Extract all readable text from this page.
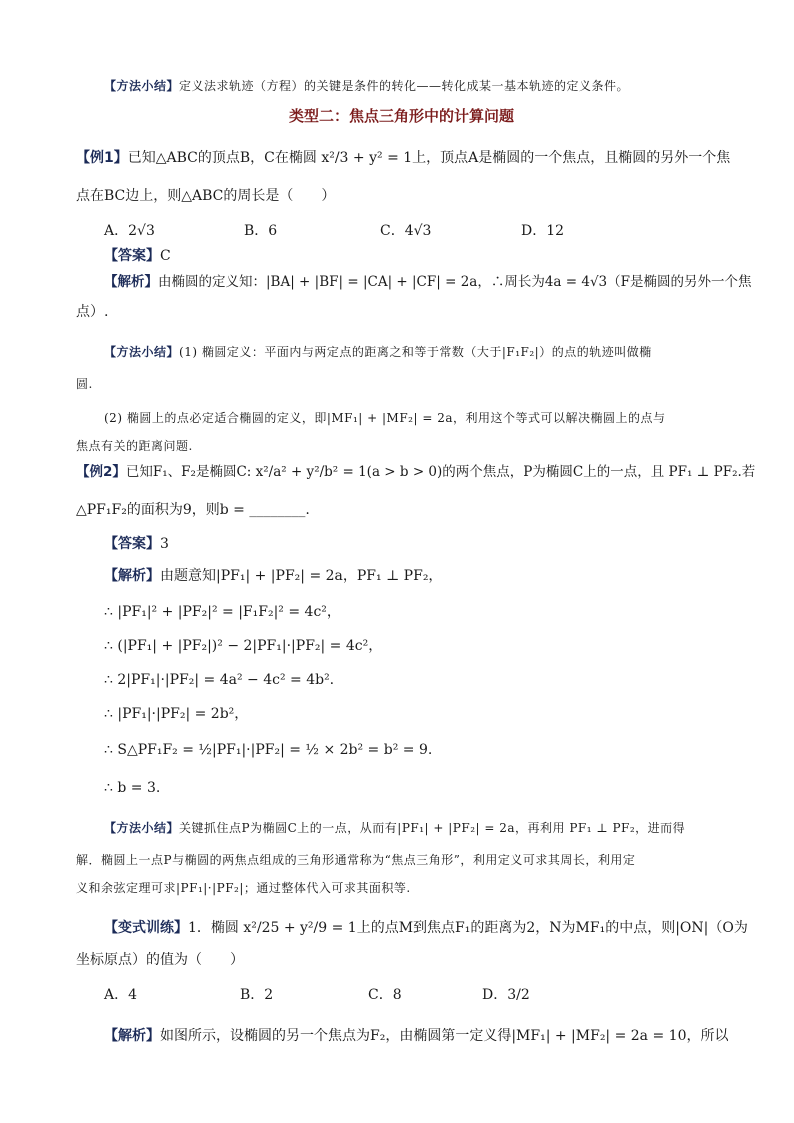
【方法小结】定义法求轨迹（方程）的关键是条件的转化——转化成某一基本轨迹的定义条件。
类型二：焦点三角形中的计算问题
【例1】已知△ABC的顶点B，C在椭圆 x²/3 + y² = 1上，顶点A是椭圆的一个焦点，且椭圆的另外一个焦
点在BC边上，则△ABC的周长是（　　）
A．2√3	B．6	C．4√3	D．12
【答案】C
【解析】由椭圆的定义知：|BA| + |BF| = |CA| + |CF| = 2a，∴周长为4a = 4√3（F是椭圆的另外一个焦
点）.
【方法小结】(1) 椭圆定义：平面内与两定点的距离之和等于常数（大于|F₁F₂|）的点的轨迹叫做椭
圆.
(2) 椭圆上的点必定适合椭圆的定义，即|MF₁| + |MF₂| = 2a，利用这个等式可以解决椭圆上的点与
焦点有关的距离问题.
【例2】已知F₁、F₂是椭圆C: x²/a² + y²/b² = 1(a > b > 0)的两个焦点，P为椭圆C上的一点，且 PF₁ ⊥ PF₂.若
△PF₁F₂的面积为9，则b = ________.
【答案】3
【解析】由题意知|PF₁| + |PF₂| = 2a，PF₁ ⊥ PF₂，
∴ |PF₁|² + |PF₂|² = |F₁F₂|² = 4c²，
∴ (|PF₁| + |PF₂|)² − 2|PF₁|·|PF₂| = 4c²，
∴ 2|PF₁|·|PF₂| = 4a² − 4c² = 4b².
∴ |PF₁|·|PF₂| = 2b²，
∴ S△PF₁F₂ = ½|PF₁|·|PF₂| = ½ × 2b² = b² = 9.
∴ b = 3.
【方法小结】关键抓住点P为椭圆C上的一点，从而有|PF₁| + |PF₂| = 2a，再利用 PF₁ ⊥ PF₂，进而得
解．椭圆上一点P与椭圆的两焦点组成的三角形通常称为“焦点三角形”，利用定义可求其周长，利用定
义和余弦定理可求|PF₁|·|PF₂|；通过整体代入可求其面积等.
【变式训练】1．椭圆 x²/25 + y²/9 = 1上的点M到焦点F₁的距离为2，N为MF₁的中点，则|ON|（O为
坐标原点）的值为（　　）
A．4	B．2	C．8	D．3/2
【解析】如图所示，设椭圆的另一个焦点为F₂，由椭圆第一定义得|MF₁| + |MF₂| = 2a = 10，所以
